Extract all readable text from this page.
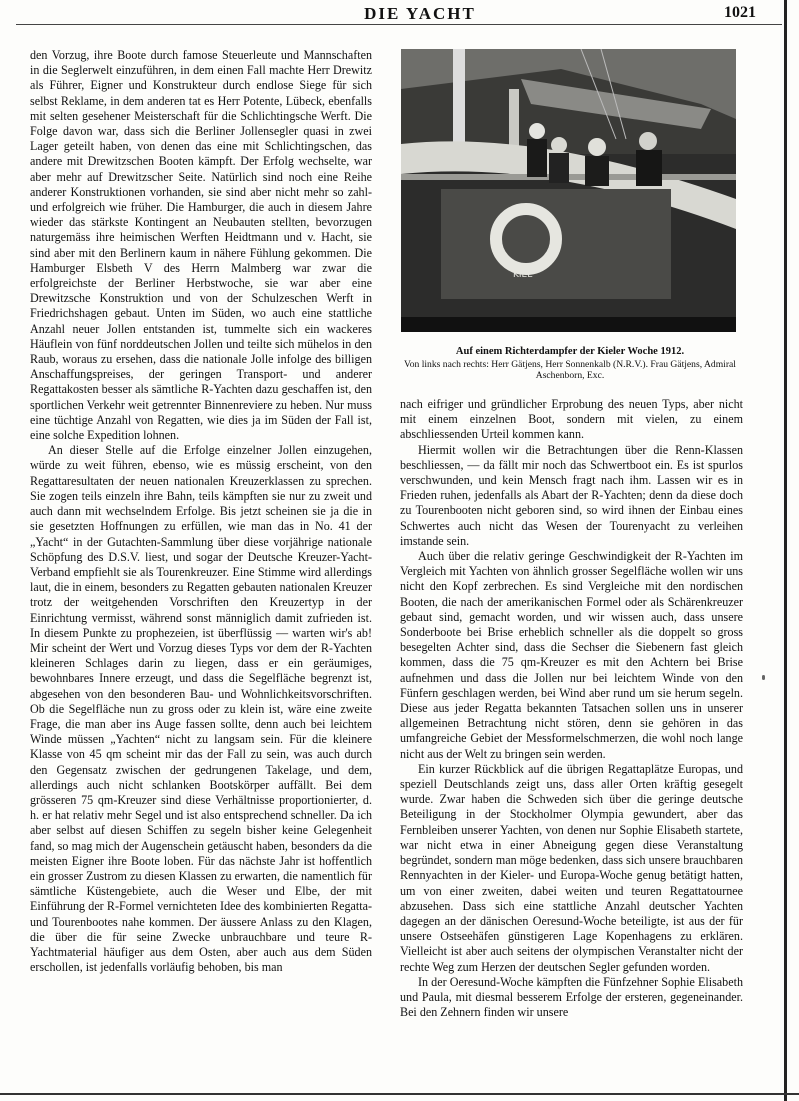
DIE YACHT	1021

den Vorzug, ihre Boote durch famose Steuerleute und Mannschaften in die Seglerwelt einzuführen, in dem einen Fall machte Herr Drewitz als Führer, Eigner und Konstrukteur durch endlose Siege für sich selbst Reklame, in dem anderen tat es Herr Potente, Lübeck, ebenfalls mit selten gesehener Meisterschaft für die Schlichtingsche Werft. Die Folge davon war, dass sich die Berliner Jollensegler quasi in zwei Lager geteilt haben, von denen das eine mit Schlichtingschen, das andere mit Drewitzschen Booten kämpft. Der Erfolg wechselte, war aber mehr auf Drewitzscher Seite. Natürlich sind noch eine Reihe anderer Konstruktionen vorhanden, sie sind aber nicht mehr so zahl- und erfolgreich wie früher. Die Hamburger, die auch in diesem Jahre wieder das stärkste Kontingent an Neubauten stellten, bevorzugen naturgemäss ihre heimischen Werften Heidtmann und v. Hacht, sie sind aber mit den Berlinern kaum in nähere Fühlung gekommen. Die Hamburger Elsbeth V des Herrn Malmberg war zwar die erfolgreichste der Berliner Herbstwoche, sie war aber eine Drewitzsche Konstruktion und von der Schulzeschen Werft in Friedrichshagen gebaut. Unten im Süden, wo auch eine stattliche Anzahl neuer Jollen entstanden ist, tummelte sich ein wackeres Häuflein von fünf norddeutschen Jollen und teilte sich mühelos in den Raub, woraus zu ersehen, dass die nationale Jolle infolge des billigen Anschaffungspreises, der geringen Transport- und anderer Regattakosten besser als sämtliche R-Yachten dazu geschaffen ist, den sportlichen Verkehr weit getrennter Binnenreviere zu heben. Nur muss eine tüchtige Anzahl von Regatten, wie dies ja im Süden der Fall ist, eine solche Expedition lohnen.

An dieser Stelle auf die Erfolge einzelner Jollen einzugehen, würde zu weit führen, ebenso, wie es müssig erscheint, von den Regattaresultaten der neuen nationalen Kreuzerklassen zu sprechen. Sie zogen teils einzeln ihre Bahn, teils kämpften sie nur zu zweit und auch dann mit wechselndem Erfolge. Bis jetzt scheinen sie ja die in sie gesetzten Hoffnungen zu erfüllen, wie man das in No. 41 der „Yacht“ in der Gutachten-Sammlung über diese vorjährige nationale Schöpfung des D.S.V. liest, und sogar der Deutsche Kreuzer-Yacht-Verband empfiehlt sie als Tourenkreuzer. Eine Stimme wird allerdings laut, die in einem, besonders zu Regatten gebauten nationalen Kreuzer trotz der weitgehenden Vorschriften den Kreuzertyp in der Einrichtung vermisst, während sonst männiglich damit zufrieden ist. In diesem Punkte zu prophezeien, ist überflüssig — warten wir's ab! Mir scheint der Wert und Vorzug dieses Typs vor dem der R-Yachten kleineren Schlages darin zu liegen, dass er ein geräumiges, bewohnbares Innere erzeugt, und dass die Segelfläche begrenzt ist, abgesehen von den besonderen Bau- und Wohnlichkeitsvorschriften. Ob die Segelfläche nun zu gross oder zu klein ist, wäre eine zweite Frage, die man aber ins Auge fassen sollte, denn auch bei leichtem Winde müssen „Yachten“ nicht zu langsam sein. Für die kleinere Klasse von 45 qm scheint mir das der Fall zu sein, was auch durch den Gegensatz zwischen der gedrungenen Takelage, und dem, allerdings auch nicht schlanken Bootskörper auffällt. Bei dem grösseren 75 qm-Kreuzer sind diese Verhältnisse proportionierter, d. h. er hat relativ mehr Segel und ist also entsprechend schneller. Da ich aber selbst auf diesen Schiffen zu segeln bisher keine Gelegenheit fand, so mag mich der Augenschein getäuscht haben, besonders da die meisten Eigner ihre Boote loben. Für das nächste Jahr ist hoffentlich ein grosser Zustrom zu diesen Klassen zu erwarten, die namentlich für sämtliche Küstengebiete, auch die Weser und Elbe, der mit Einführung der R-Formel vernichteten Idee des kombinierten Regatta- und Tourenbootes nahe kommen. Der äussere Anlass zu den Klagen, die über die für seine Zwecke unbrauchbare und teure R-Yachtmaterial häufiger aus dem Osten, aber auch aus dem Süden erschollen, ist jedenfalls vorläufig behoben, bis man

KIEL
Auf einem Richterdampfer der Kieler Woche 1912.
Von links nach rechts: Herr Gätjens, Herr Sonnenkalb (N.R.V.). Frau Gätjens, Admiral Aschenborn, Exc.

nach eifriger und gründlicher Erprobung des neuen Typs, aber nicht mit einem einzelnen Boot, sondern mit vielen, zu einem abschliessenden Urteil kommen kann.

Hiermit wollen wir die Betrachtungen über die Renn-Klassen beschliessen, — da fällt mir noch das Schwertboot ein. Es ist spurlos verschwunden, und kein Mensch fragt nach ihm. Lassen wir es in Frieden ruhen, jedenfalls als Abart der R-Yachten; denn da diese doch zu Tourenbooten nicht geboren sind, so wird ihnen der Einbau eines Schwertes auch nicht das Wesen der Tourenyacht zu verleihen imstande sein.

Auch über die relativ geringe Geschwindigkeit der R-Yachten im Vergleich mit Yachten von ähnlich grosser Segelfläche wollen wir uns nicht den Kopf zerbrechen. Es sind Vergleiche mit den nordischen Booten, die nach der amerikanischen Formel oder als Schärenkreuzer gebaut sind, gemacht worden, und wir wissen auch, dass unsere Sonderboote bei Brise erheblich schneller als die doppelt so gross besegelten Achter sind, dass die Sechser die Siebenern fast gleich kommen, dass die 75 qm-Kreuzer es mit den Achtern bei Brise aufnehmen und dass die Jollen nur bei leichtem Winde von den Fünfern geschlagen werden, bei Wind aber rund um sie herum segeln. Diese aus jeder Regatta bekannten Tatsachen sollen uns in unserer allgemeinen Betrachtung nicht stören, denn sie gehören in das umfangreiche Gebiet der Messformelschmerzen, die wohl noch lange nicht aus der Welt zu bringen sein werden.

Ein kurzer Rückblick auf die übrigen Regattaplätze Europas, und speziell Deutschlands zeigt uns, dass aller Orten kräftig gesegelt wurde. Zwar haben die Schweden sich über die geringe deutsche Beteiligung in der Stockholmer Olympia gewundert, aber das Fernbleiben unserer Yachten, von denen nur Sophie Elisabeth startete, war nicht etwa in einer Abneigung gegen diese Veranstaltung begründet, sondern man möge bedenken, dass sich unsere brauchbaren Rennyachten in der Kieler- und Europa-Woche genug betätigt hatten, um von einer zweiten, dabei weiten und teuren Regattatournee abzusehen. Dass sich eine stattliche Anzahl deutscher Yachten dagegen an der dänischen Oeresund-Woche beteiligte, ist aus der für unsere Ostseehäfen günstigeren Lage Kopenhagens zu erklären. Vielleicht ist aber auch seitens der olympischen Veranstalter nicht der rechte Weg zum Herzen der deutschen Segler gefunden worden.

In der Oeresund-Woche kämpften die Fünfzehner Sophie Elisabeth und Paula, mit diesmal besserem Erfolge der ersteren, gegeneinander. Bei den Zehnern finden wir unsere
